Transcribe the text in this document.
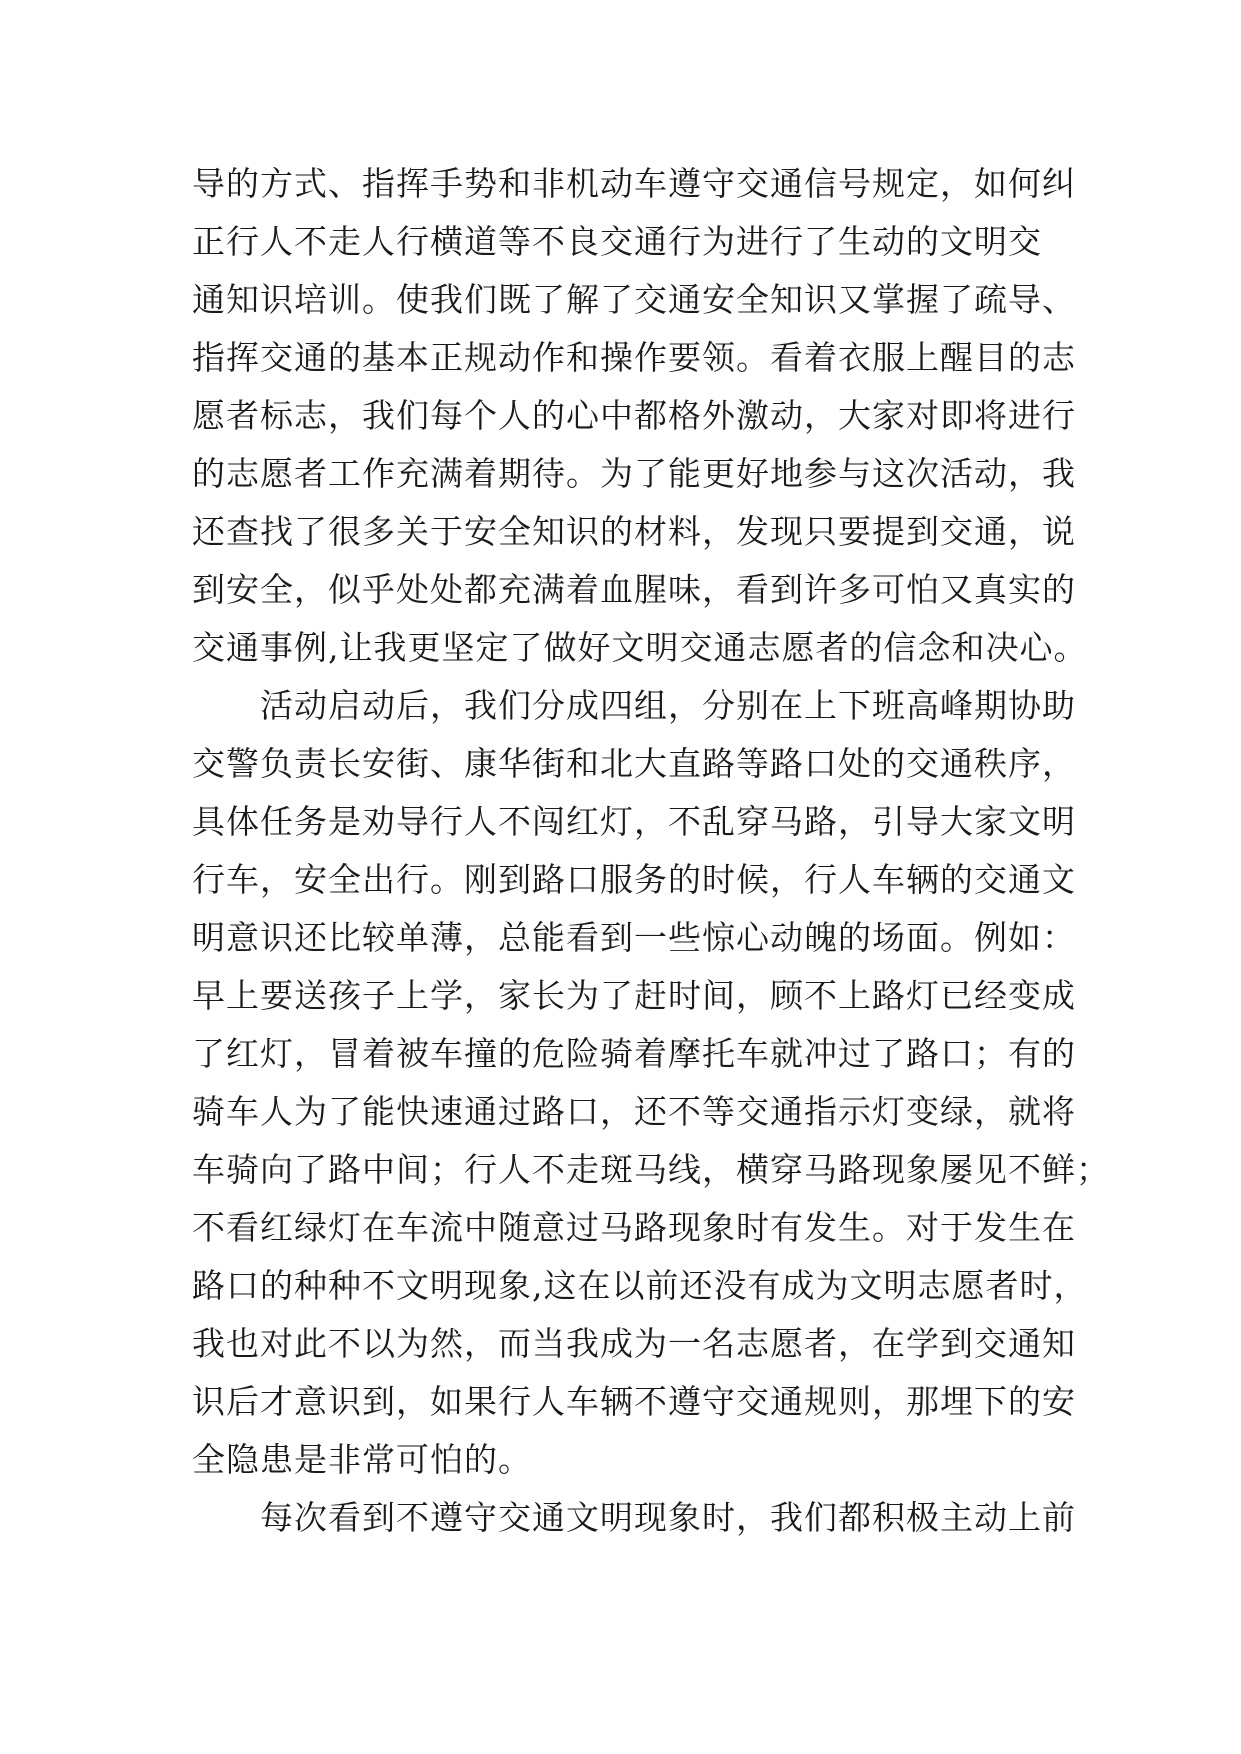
导的方式、指挥手势和非机动车遵守交通信号规定，如何纠
正行人不走人行横道等不良交通行为进行了生动的文明交
通知识培训。使我们既了解了交通安全知识又掌握了疏导、
指挥交通的基本正规动作和操作要领。看着衣服上醒目的志
愿者标志，我们每个人的心中都格外激动，大家对即将进行
的志愿者工作充满着期待。为了能更好地参与这次活动，我
还查找了很多关于安全知识的材料，发现只要提到交通，说
到安全，似乎处处都充满着血腥味，看到许多可怕又真实的
交通事例,让我更坚定了做好文明交通志愿者的信念和决心。
　　活动启动后，我们分成四组，分别在上下班高峰期协助
交警负责长安街、康华街和北大直路等路口处的交通秩序，
具体任务是劝导行人不闯红灯，不乱穿马路，引导大家文明
行车，安全出行。刚到路口服务的时候，行人车辆的交通文
明意识还比较单薄，总能看到一些惊心动魄的场面。例如：
早上要送孩子上学，家长为了赶时间，顾不上路灯已经变成
了红灯，冒着被车撞的危险骑着摩托车就冲过了路口；有的
骑车人为了能快速通过路口，还不等交通指示灯变绿，就将
车骑向了路中间；行人不走斑马线，横穿马路现象屡见不鲜；
不看红绿灯在车流中随意过马路现象时有发生。对于发生在
路口的种种不文明现象,这在以前还没有成为文明志愿者时，
我也对此不以为然，而当我成为一名志愿者，在学到交通知
识后才意识到，如果行人车辆不遵守交通规则，那埋下的安
全隐患是非常可怕的。
　　每次看到不遵守交通文明现象时，我们都积极主动上前
